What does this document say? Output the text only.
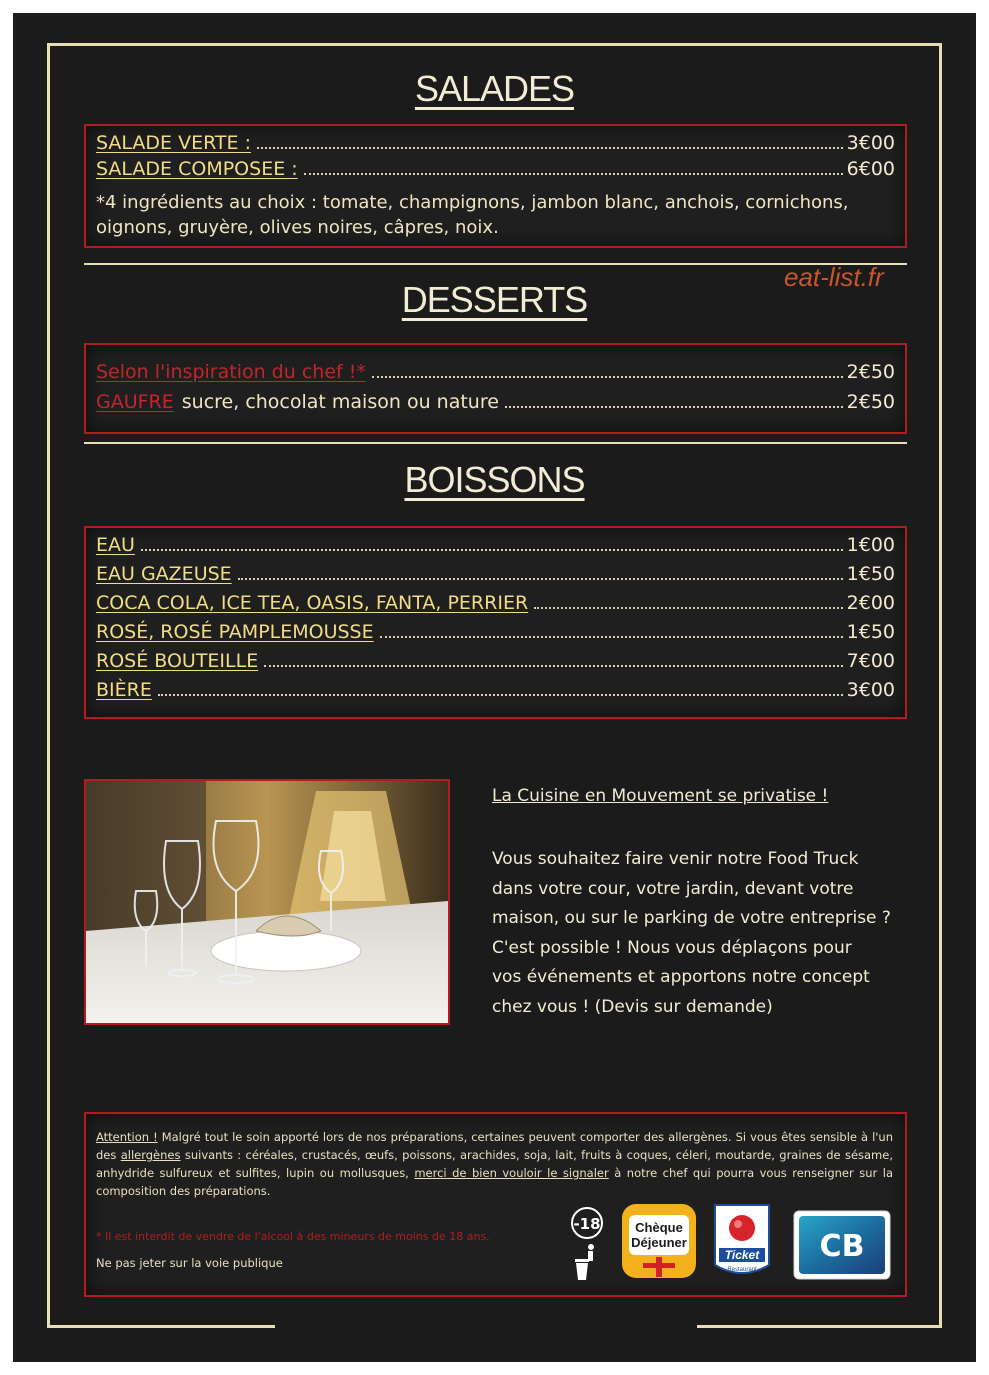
SALADES
SALADE VERTE :	3€00
SALADE COMPOSEE :	6€00
*4 ingrédients au choix : tomate, champignons, jambon blanc, anchois, cornichons, oignons, gruyère, olives noires, câpres, noix.
eat-list.fr
DESSERTS
Selon l'inspiration du chef !*	2€50
GAUFRE sucre, chocolat maison ou nature	2€50
BOISSONS
EAU	1€00
EAU GAZEUSE	1€50
COCA COLA, ICE TEA, OASIS, FANTA, PERRIER	2€00
ROSÉ, ROSÉ PAMPLEMOUSSE	1€50
ROSÉ BOUTEILLE	7€00
BIÈRE	3€00
La Cuisine en Mouvement se privatise !
Vous souhaitez faire venir notre Food Truck
dans votre cour, votre jardin, devant votre
maison, ou sur le parking de votre entreprise ?
C'est possible ! Nous vous déplaçons pour
vos événements et apportons notre concept
chez vous ! (Devis sur demande)
Attention ! Malgré tout le soin apporté lors de nos préparations, certaines peuvent comporter des allergènes. Si vous êtes sensible à l'un des allergènes suivants : céréales, crustacés, œufs, poissons, arachides, soja, lait, fruits à coques, céleri, moutarde, graines de sésame, anhydride sulfureux et sulfites, lupin ou mollusques, merci de bien vouloir le signaler à notre chef qui pourra vous renseigner sur la composition des préparations.
* Il est interdit de vendre de l'alcool à des mineurs de moins de 18 ans.
Ne pas jeter sur la voie publique
-18	Chèque
Déjeuner
Ticket
Restaurant
CB
